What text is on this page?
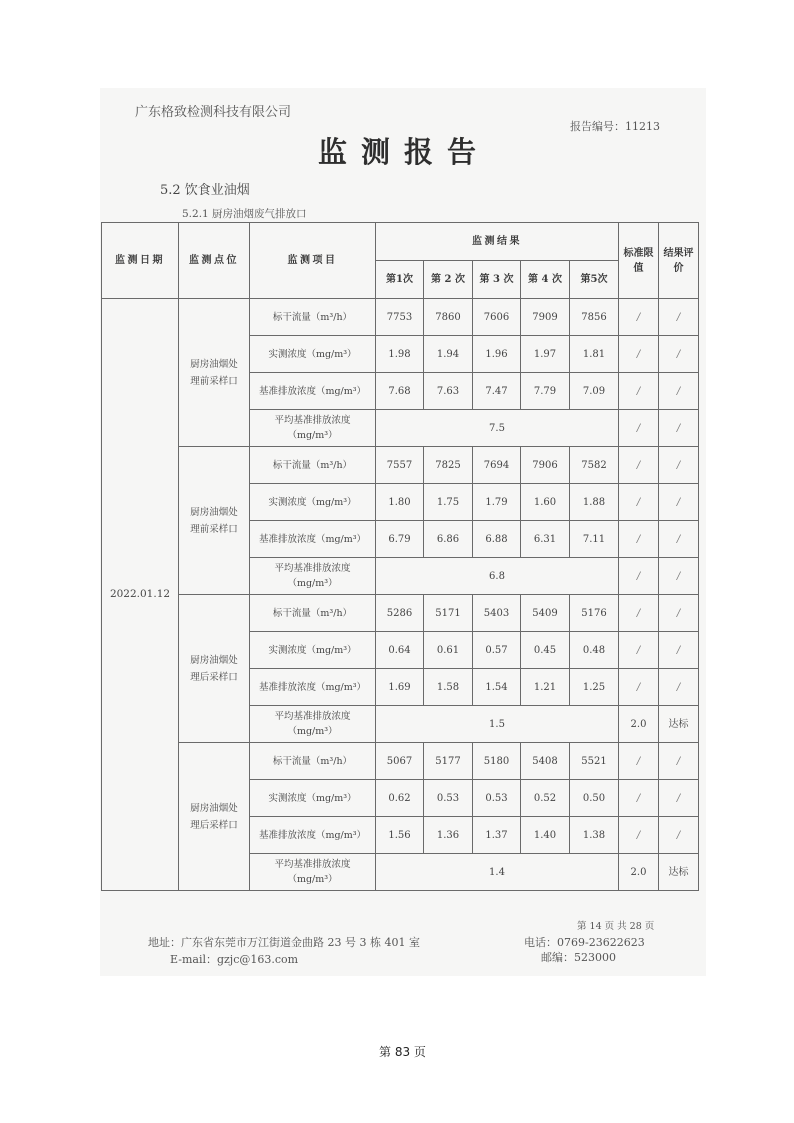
广东格致检测科技有限公司
报告编号：11213
监测报告
5.2 饮食业油烟
5.2.1 厨房油烟废气排放口
监测日期	监测点位	监测项目	监测结果					标准限值	结果评价
			第1次	第 2 次	第 3 次	第 4 次	第5次		
2022.01.12	厨房油烟处理前采样口	标干流量（m³/h）	7753	7860	7606	7909	7856	/	/
		实测浓度（mg/m³）	1.98	1.94	1.96	1.97	1.81	/	/
		基准排放浓度（mg/m³）	7.68	7.63	7.47	7.79	7.09	/	/
		平均基准排放浓度（mg/m³）	7.5					/	/
	厨房油烟处理前采样口	标干流量（m³/h）	7557	7825	7694	7906	7582	/	/
		实测浓度（mg/m³）	1.80	1.75	1.79	1.60	1.88	/	/
		基准排放浓度（mg/m³）	6.79	6.86	6.88	6.31	7.11	/	/
		平均基准排放浓度（mg/m³）	6.8					/	/
	厨房油烟处理后采样口	标干流量（m³/h）	5286	5171	5403	5409	5176	/	/
		实测浓度（mg/m³）	0.64	0.61	0.57	0.45	0.48	/	/
		基准排放浓度（mg/m³）	1.69	1.58	1.54	1.21	1.25	/	/
		平均基准排放浓度（mg/m³）	1.5					2.0	达标
	厨房油烟处理后采样口	标干流量（m³/h）	5067	5177	5180	5408	5521	/	/
		实测浓度（mg/m³）	0.62	0.53	0.53	0.52	0.50	/	/
		基准排放浓度（mg/m³）	1.56	1.36	1.37	1.40	1.38	/	/
		平均基准排放浓度（mg/m³）	1.4					2.0	达标
第 14 页 共 28 页
地址：广东省东莞市万江街道金曲路 23 号 3 栋 401 室
E-mail：gzjc@163.com
电话：0769-23622623
邮编：523000
第 83 页
